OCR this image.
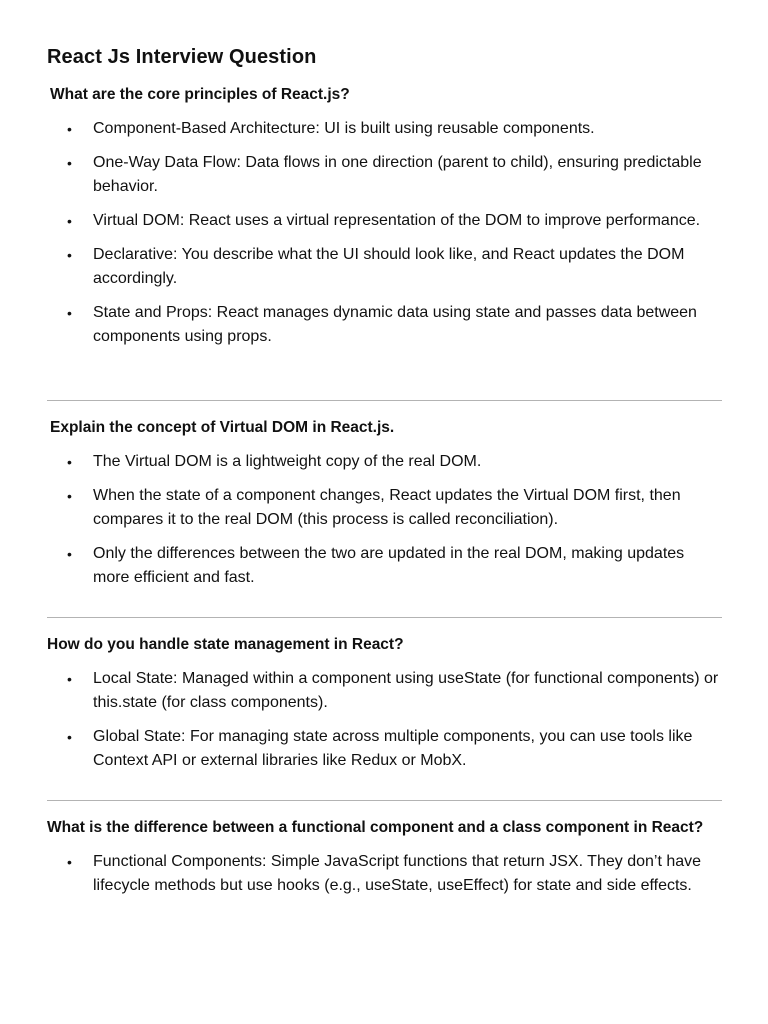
React Js Interview Question

What are the core principles of React.js?

• Component-Based Architecture: UI is built using reusable components.
• One-Way Data Flow: Data flows in one direction (parent to child), ensuring predictable behavior.
• Virtual DOM: React uses a virtual representation of the DOM to improve performance.
• Declarative: You describe what the UI should look like, and React updates the DOM accordingly.
• State and Props: React manages dynamic data using state and passes data between components using props.

Explain the concept of Virtual DOM in React.js.

• The Virtual DOM is a lightweight copy of the real DOM.
• When the state of a component changes, React updates the Virtual DOM first, then compares it to the real DOM (this process is called reconciliation).
• Only the differences between the two are updated in the real DOM, making updates more efficient and fast.

How do you handle state management in React?

• Local State: Managed within a component using useState (for functional components) or this.state (for class components).
• Global State: For managing state across multiple components, you can use tools like Context API or external libraries like Redux or MobX.

What is the difference between a functional component and a class component in React?

• Functional Components: Simple JavaScript functions that return JSX. They don’t have lifecycle methods but use hooks (e.g., useState, useEffect) for state and side effects.
